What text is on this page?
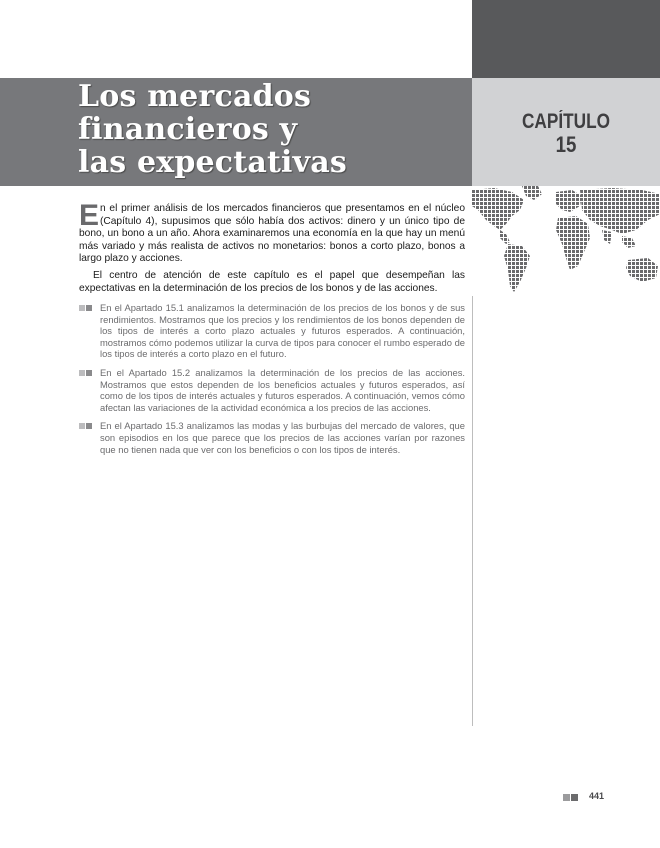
Los mercados
financieros y
las expectativas
CAPÍTULO
15

En el primer análisis de los mercados financieros que presentamos en el núcleo (Capítulo 4), supusimos que sólo había dos activos: dinero y un único tipo de bono, un bono a un año. Ahora examinaremos una economía en la que hay un menú más variado y más realista de activos no monetarios: bonos a corto plazo, bonos a largo plazo y acciones.

El centro de atención de este capítulo es el papel que desempeñan las expectativas en la determinación de los precios de los bonos y de las acciones.

En el Apartado 15.1 analizamos la determinación de los precios de los bonos y de sus rendimientos. Mostramos que los precios y los rendimientos de los bonos dependen de los tipos de interés a corto plazo actuales y futuros esperados. A continuación, mostramos cómo podemos utilizar la curva de tipos para conocer el rumbo esperado de los tipos de interés a corto plazo en el futuro.
En el Apartado 15.2 analizamos la determinación de los precios de las acciones. Mostramos que estos dependen de los beneficios actuales y futuros esperados, así como de los tipos de interés actuales y futuros esperados. A continuación, vemos cómo afectan las variaciones de la actividad económica a los precios de las acciones.
En el Apartado 15.3 analizamos las modas y las burbujas del mercado de valores, que son episodios en los que parece que los precios de las acciones varían por razones que no tienen nada que ver con los beneficios o con los tipos de interés.
441
